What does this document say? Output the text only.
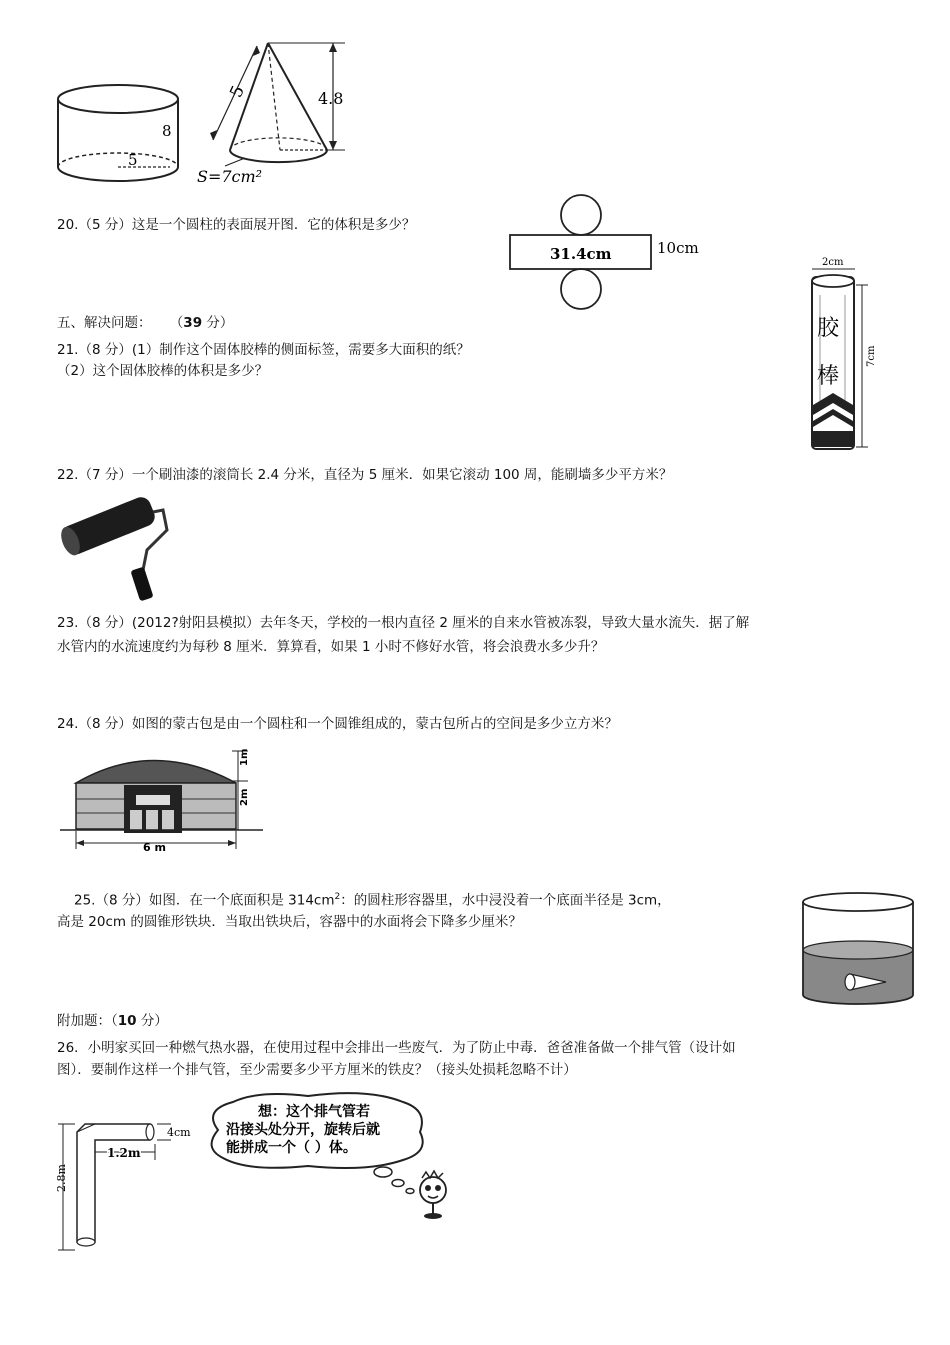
8
5
5	4.8
S=7cm²
20.（5 分）这是一个圆柱的表面展开图．它的体积是多少？
31.4cm	10cm
五、解决问题： （39 分）
21.（8 分）(1）制作这个固体胶棒的侧面标签，需要多大面积的纸？
（2）这个固体胶棒的体积是多少？
2cm
胶
棒
7cm
22.（7 分）一个刷油漆的滚筒长 2.4 分米，直径为 5 厘米．如果它滚动 100 周，能刷墙多少平方米？
23.（8 分）(2012?射阳县模拟）去年冬天，学校的一根内直径 2 厘米的自来水管被冻裂，导致大量水流失．据了解
水管内的水流速度约为每秒 8 厘米．算算看，如果 1 小时不修好水管，将会浪费水多少升？
24.（8 分）如图的蒙古包是由一个圆柱和一个圆锥组成的，蒙古包所占的空间是多少立方米？
1m
2m
6 m
25.（8 分）如图．在一个底面积是 $314cm^2$：的圆柱形容器里，水中浸没着一个底面半径是 3cm，
高是 20cm 的圆锥形铁块．当取出铁块后，容器中的水面将会下降多少厘米？
附加题：（10 分）
26．小明家买回一种燃气热水器，在使用过程中会排出一些废气．为了防止中毒．爸爸准备做一个排气管（设计如
图）．要制作这样一个排气管，至少需要多少平方厘米的铁皮？（接头处损耗忽略不计）
2.8m
1.2m
4cm
想：这个排气管若
沿接头处分开，旋转后就
能拼成一个（ ）体。
